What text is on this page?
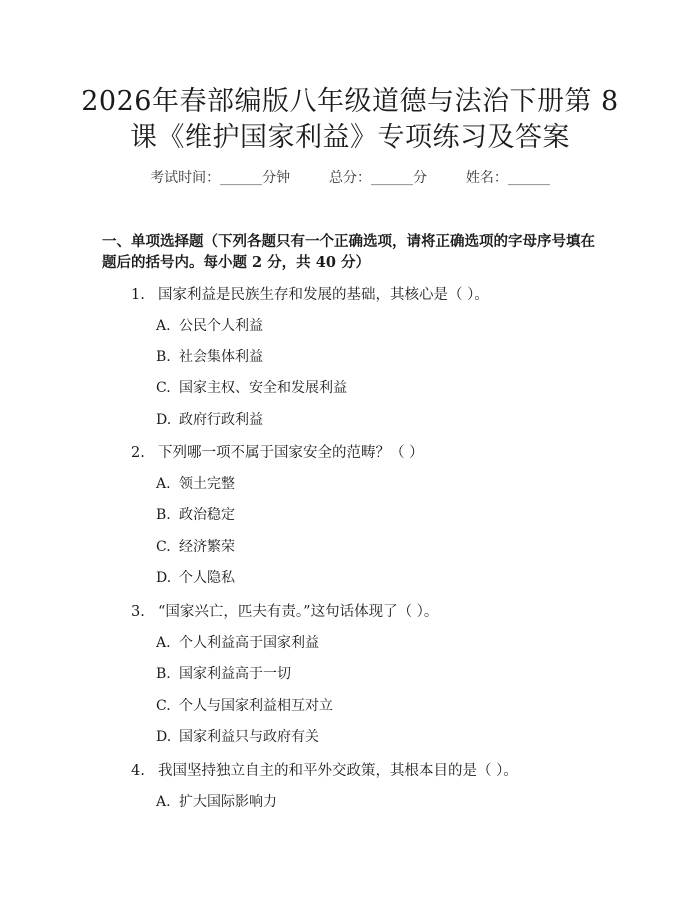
2026年春部编版八年级道德与法治下册第 8
课《维护国家利益》专项练习及答案
考试时间：______分钟	总分：______分	姓名：______

一、单项选择题（下列各题只有一个正确选项，请将正确选项的字母序号填在题后的括号内。每小题 2 分，共 40 分）

1. 国家利益是民族生存和发展的基础，其核心是（ ）。
A. 公民个人利益
B. 社会集体利益
C. 国家主权、安全和发展利益
D. 政府行政利益
2. 下列哪一项不属于国家安全的范畴？（ ）
A. 领土完整
B. 政治稳定
C. 经济繁荣
D. 个人隐私
3. “国家兴亡，匹夫有责。”这句话体现了（ ）。
A. 个人利益高于国家利益
B. 国家利益高于一切
C. 个人与国家利益相互对立
D. 国家利益只与政府有关
4. 我国坚持独立自主的和平外交政策，其根本目的是（ ）。
A. 扩大国际影响力
